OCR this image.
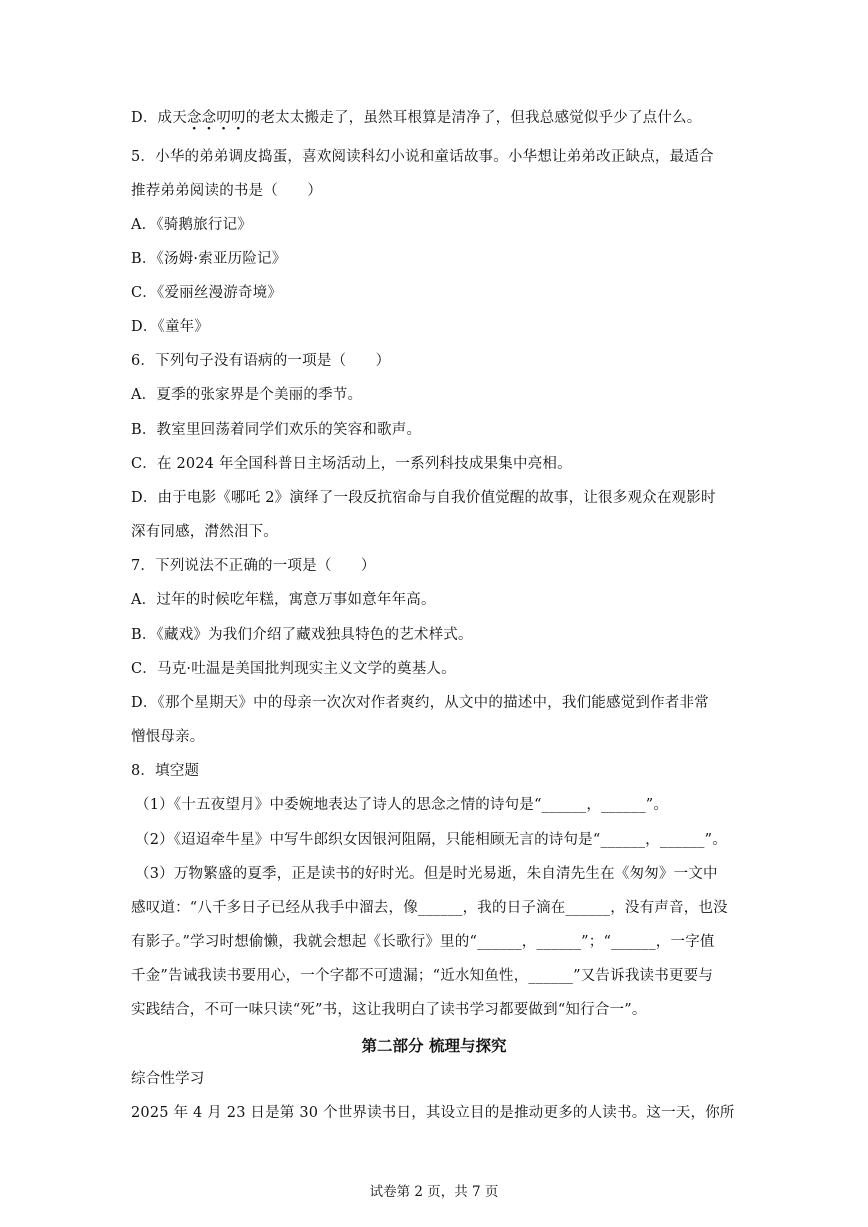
D．成天念念叨叨的老太太搬走了，虽然耳根算是清净了，但我总感觉似乎少了点什么。
5．小华的弟弟调皮捣蛋，喜欢阅读科幻小说和童话故事。小华想让弟弟改正缺点，最适合
推荐弟弟阅读的书是（　　）
A．《骑鹅旅行记》
B．《汤姆·索亚历险记》
C．《爱丽丝漫游奇境》
D．《童年》
6．下列句子没有语病的一项是（　　）
A．夏季的张家界是个美丽的季节。
B．教室里回荡着同学们欢乐的笑容和歌声。
C．在 2024 年全国科普日主场活动上，一系列科技成果集中亮相。
D．由于电影《哪吒 2》演绎了一段反抗宿命与自我价值觉醒的故事，让很多观众在观影时
深有同感，潸然泪下。
7．下列说法不正确的一项是（　　）
A．过年的时候吃年糕，寓意万事如意年年高。
B．《藏戏》为我们介绍了藏戏独具特色的艺术样式。
C．马克·吐温是美国批判现实主义文学的奠基人。
D．《那个星期天》中的母亲一次次对作者爽约，从文中的描述中，我们能感觉到作者非常
憎恨母亲。
8．填空题
（1）《十五夜望月》中委婉地表达了诗人的思念之情的诗句是“______，______”。
（2）《迢迢牵牛星》中写牛郎织女因银河阻隔，只能相顾无言的诗句是“______，______”。
（3）万物繁盛的夏季，正是读书的好时光。但是时光易逝，朱自清先生在《匆匆》一文中
感叹道：“八千多日子已经从我手中溜去，像______，我的日子滴在______，没有声音，也没
有影子。”学习时想偷懒，我就会想起《长歌行》里的“______，______”；“______，一字值
千金”告诫我读书要用心，一个字都不可遗漏；“近水知鱼性，______”又告诉我读书更要与
实践结合，不可一味只读“死”书，这让我明白了读书学习都要做到“知行合一”。
第二部分 梳理与探究
综合性学习
2025 年 4 月 23 日是第 30 个世界读书日，其设立目的是推动更多的人读书。这一天，你所
试卷第 2 页，共 7 页
